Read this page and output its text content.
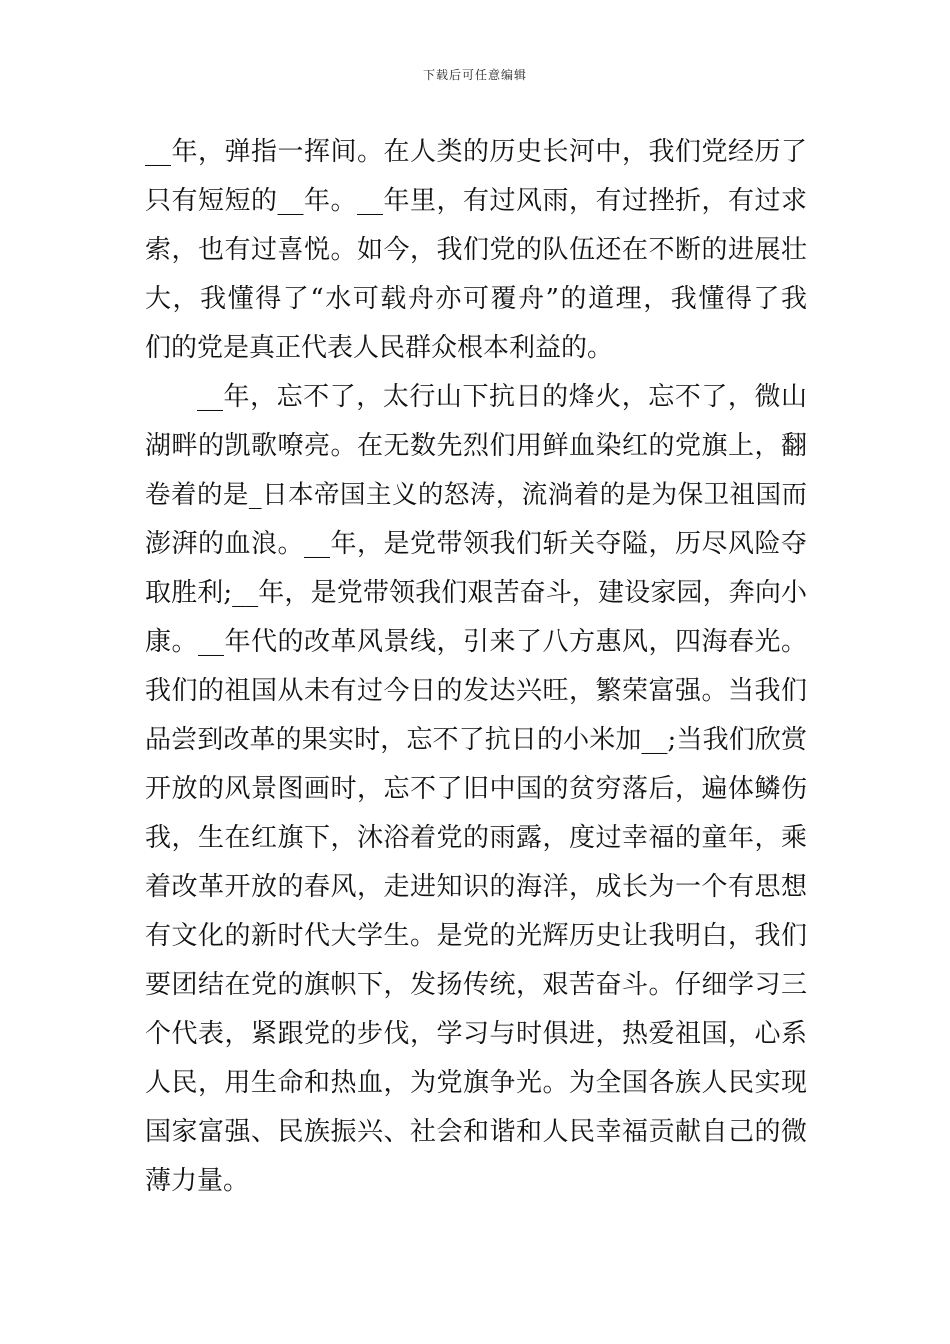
下载后可任意编辑
__年，弹指一挥间。在人类的历史长河中，我们党经历了
只有短短的__年。__年里，有过风雨，有过挫折，有过求
索，也有过喜悦。如今，我们党的队伍还在不断的进展壮
大，我懂得了“水可载舟亦可覆舟”的道理，我懂得了我
们的党是真正代表人民群众根本利益的。
__年，忘不了，太行山下抗日的烽火，忘不了，微山
湖畔的凯歌嘹亮。在无数先烈们用鲜血染红的党旗上，翻
卷着的是_日本帝国主义的怒涛，流淌着的是为保卫祖国而
澎湃的血浪。__年，是党带领我们斩关夺隘，历尽风险夺
取胜利;__年，是党带领我们艰苦奋斗，建设家园，奔向小
康。__年代的改革风景线，引来了八方惠风，四海春光。
我们的祖国从未有过今日的发达兴旺，繁荣富强。当我们
品尝到改革的果实时，忘不了抗日的小米加__;当我们欣赏
开放的风景图画时，忘不了旧中国的贫穷落后，遍体鳞伤
我，生在红旗下，沐浴着党的雨露，度过幸福的童年，乘
着改革开放的春风，走进知识的海洋，成长为一个有思想
有文化的新时代大学生。是党的光辉历史让我明白，我们
要团结在党的旗帜下，发扬传统，艰苦奋斗。仔细学习三
个代表，紧跟党的步伐，学习与时俱进，热爱祖国，心系
人民，用生命和热血，为党旗争光。为全国各族人民实现
国家富强、民族振兴、社会和谐和人民幸福贡献自己的微
薄力量。
